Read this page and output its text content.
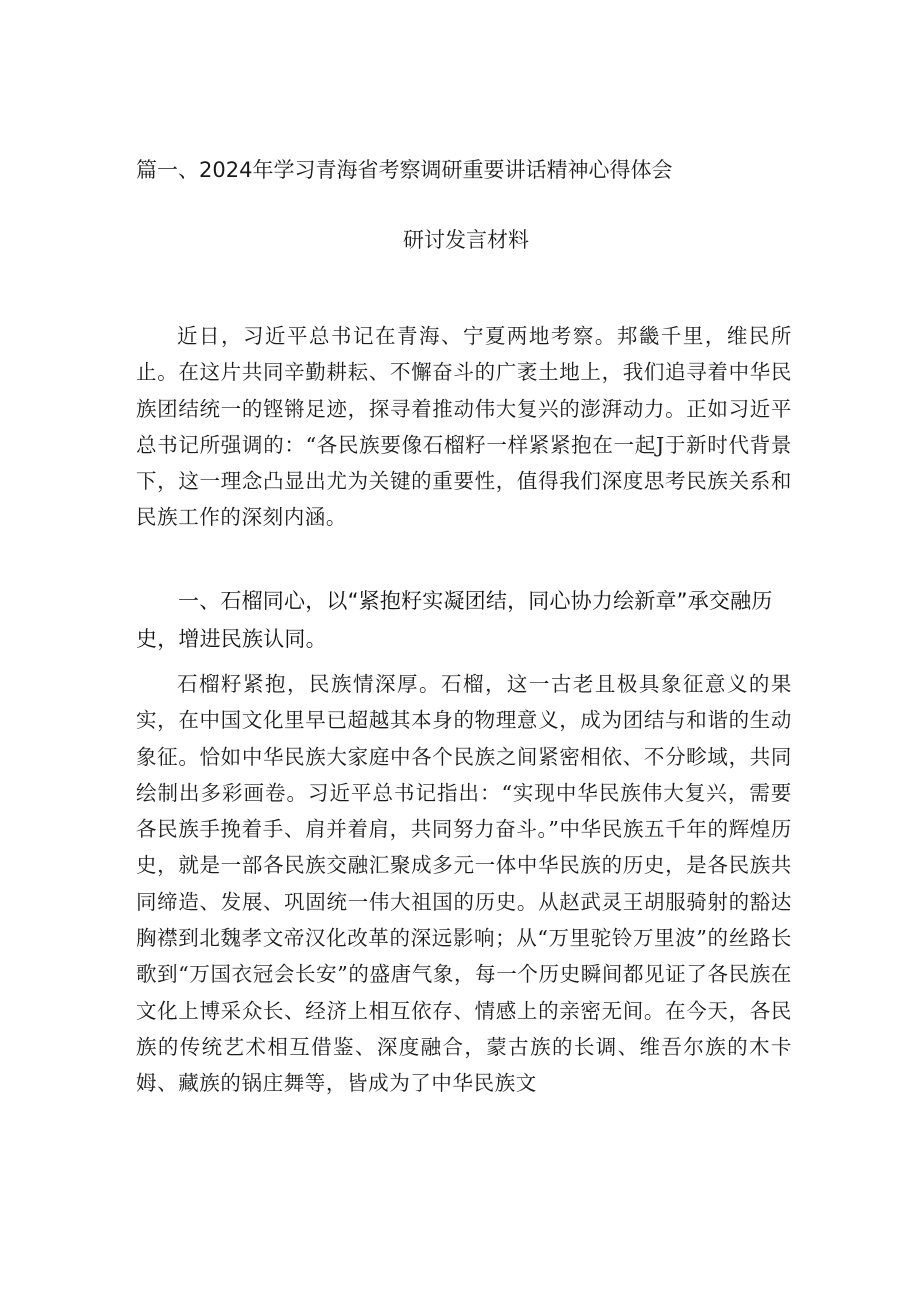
篇一、2024年学习青海省考察调研重要讲话精神心得体会
研讨发言材料

近日，习近平总书记在青海、宁夏两地考察。邦畿千里，维民所止。在这片共同辛勤耕耘、不懈奋斗的广袤土地上，我们追寻着中华民族团结统一的铿锵足迹，探寻着推动伟大复兴的澎湃动力。正如习近平总书记所强调的：“各民族要像石榴籽一样紧紧抱在一起J于新时代背景下，这一理念凸显出尤为关键的重要性，值得我们深度思考民族关系和民族工作的深刻内涵。

一、石榴同心，以“紧抱籽实凝团结，同心协力绘新章”承交融历史，增进民族认同。

石榴籽紧抱，民族情深厚。石榴，这一古老且极具象征意义的果实，在中国文化里早已超越其本身的物理意义，成为团结与和谐的生动象征。恰如中华民族大家庭中各个民族之间紧密相依、不分畛域，共同绘制出多彩画卷。习近平总书记指出：“实现中华民族伟大复兴，需要各民族手挽着手、肩并着肩，共同努力奋斗。”中华民族五千年的辉煌历史，就是一部各民族交融汇聚成多元一体中华民族的历史，是各民族共同缔造、发展、巩固统一伟大祖国的历史。从赵武灵王胡服骑射的豁达胸襟到北魏孝文帝汉化改革的深远影响；从“万里驼铃万里波”的丝路长歌到“万国衣冠会长安”的盛唐气象，每一个历史瞬间都见证了各民族在文化上博采众长、经济上相互依存、情感上的亲密无间。在今天，各民族的传统艺术相互借鉴、深度融合，蒙古族的长调、维吾尔族的木卡姆、藏族的锅庄舞等，皆成为了中华民族文
